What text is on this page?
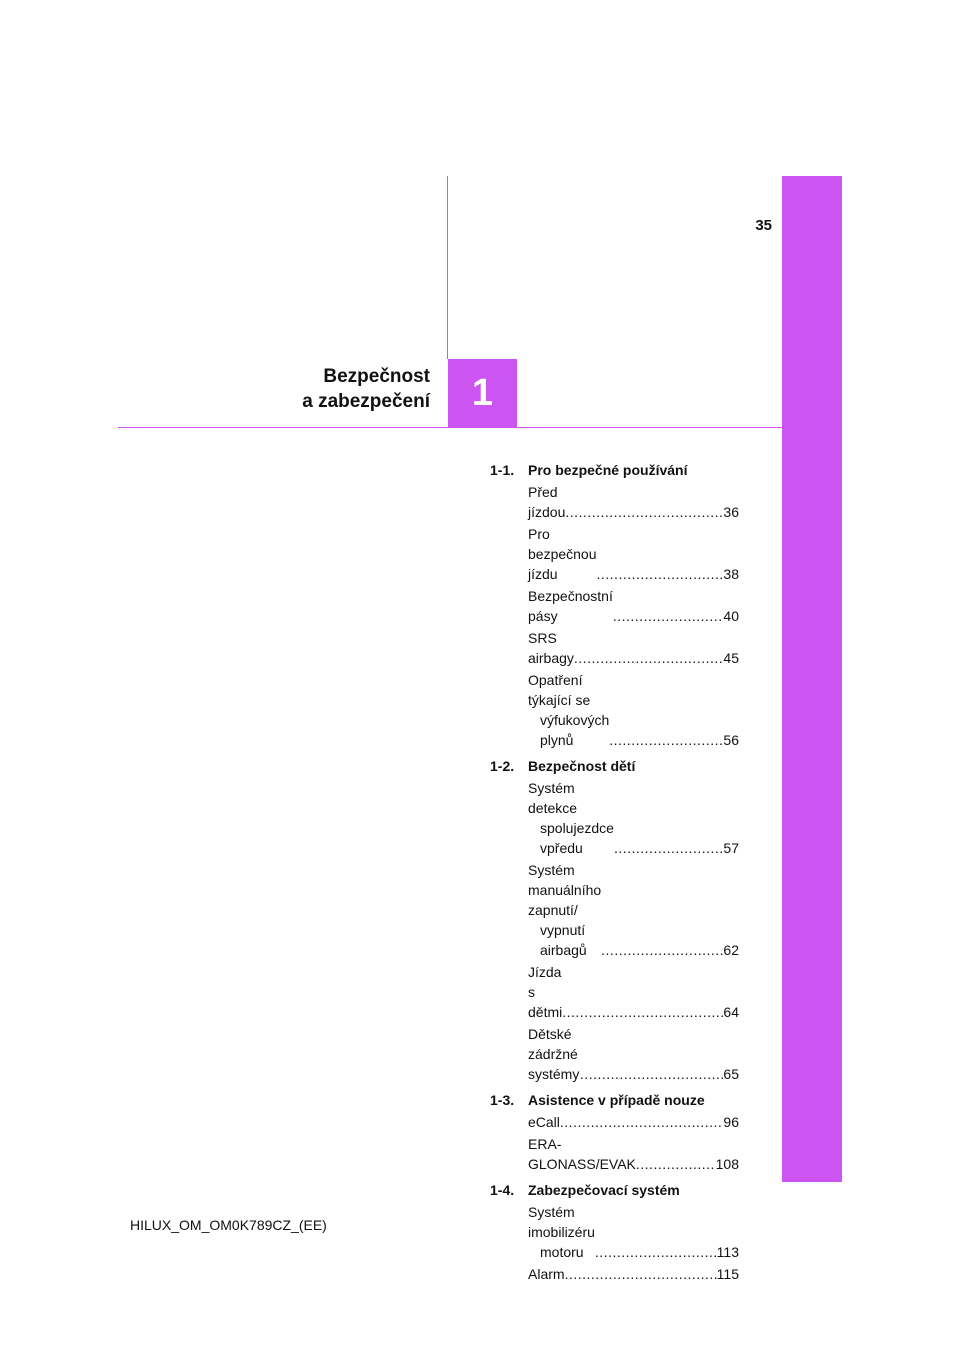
35
Bezpečnost
a zabezpečení	1
1-1. Pro bezpečné používání
Před jízdou .....	36
Pro bezpečnou jízdu .....	38
Bezpečnostní pásy .....	40
SRS airbagy .....	45
Opatření týkající se
výfukových plynů .....	56
1-2. Bezpečnost dětí
Systém detekce
spolujezdce vpředu .....	57
Systém manuálního zapnutí/
vypnutí airbagů .....	62
Jízda s dětmi .....	64
Dětské zádržné systémy .....	65
1-3. Asistence v případě nouze
eCall .....	96
ERA-GLONASS/EVAK .....	108
1-4. Zabezpečovací systém
Systém imobilizéru
motoru .....	113
Alarm .....	115
HILUX_OM_OM0K789CZ_(EE)
